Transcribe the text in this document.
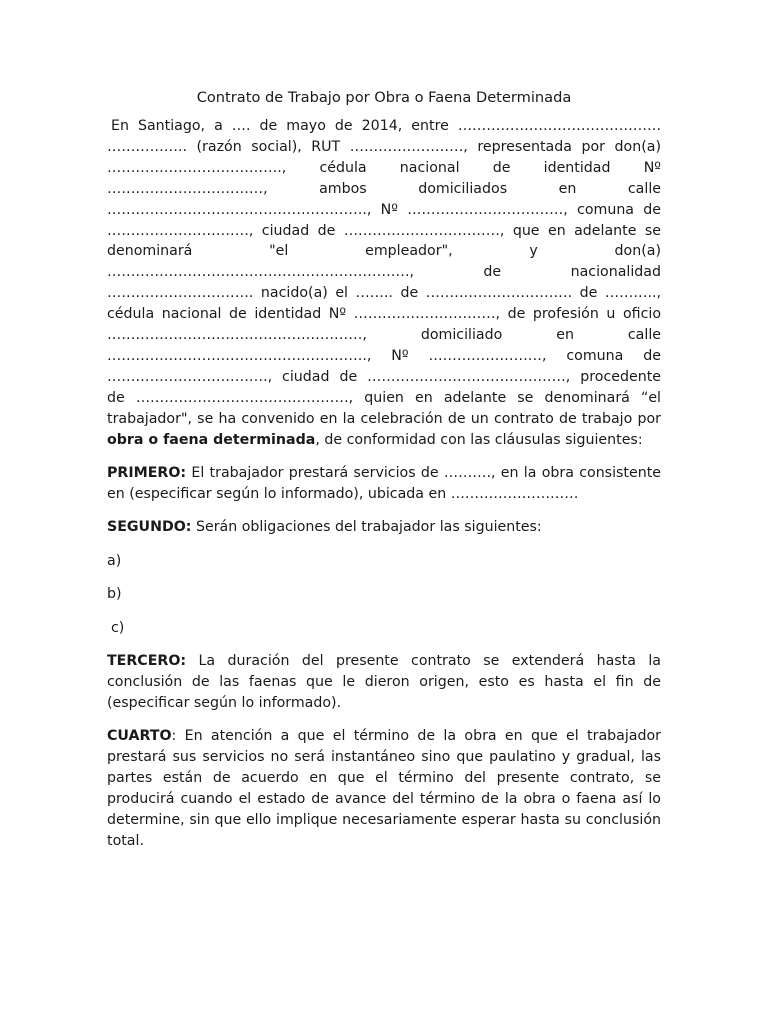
Contrato de Trabajo por Obra o Faena Determinada

En Santiago, a …. de mayo de 2014, entre ……………………………………. …………….. (razón social), RUT ……………………, representada por don(a) ………………………………., cédula nacional de identidad Nº ……………………………, ambos domiciliados en calle ………………………………………………., Nº ……………………………, comuna de …………………………, ciudad de ……………………………, que en adelante se denominará "el empleador", y don(a) ………………………………………………………., de nacionalidad …………………………. nacido(a) el …….. de …………………………. de ……….., cédula nacional de identidad Nº …………………………, de profesión u oficio ………………………………………………, domiciliado en calle ………………………………………………., Nº ……………………, comuna de ……………………………., ciudad de ……………………………………, procedente de ………………………………………, quien en adelante se denominará “el trabajador", se ha convenido en la celebración de un contrato de trabajo por obra o faena determinada, de conformidad con las cláusulas siguientes:

PRIMERO: El trabajador prestará servicios de ………., en la obra consistente en (especificar según lo informado), ubicada en ………………………

SEGUNDO: Serán obligaciones del trabajador las siguientes:

a)
b)
c)

TERCERO: La duración del presente contrato se extenderá hasta la conclusión de las faenas que le dieron origen, esto es hasta el fin de (especificar según lo informado).

CUARTO: En atención a que el término de la obra en que el trabajador prestará sus servicios no será instantáneo sino que paulatino y gradual, las partes están de acuerdo en que el término del presente contrato, se producirá cuando el estado de avance del término de la obra o faena así lo determine, sin que ello implique necesariamente esperar hasta su conclusión total.
